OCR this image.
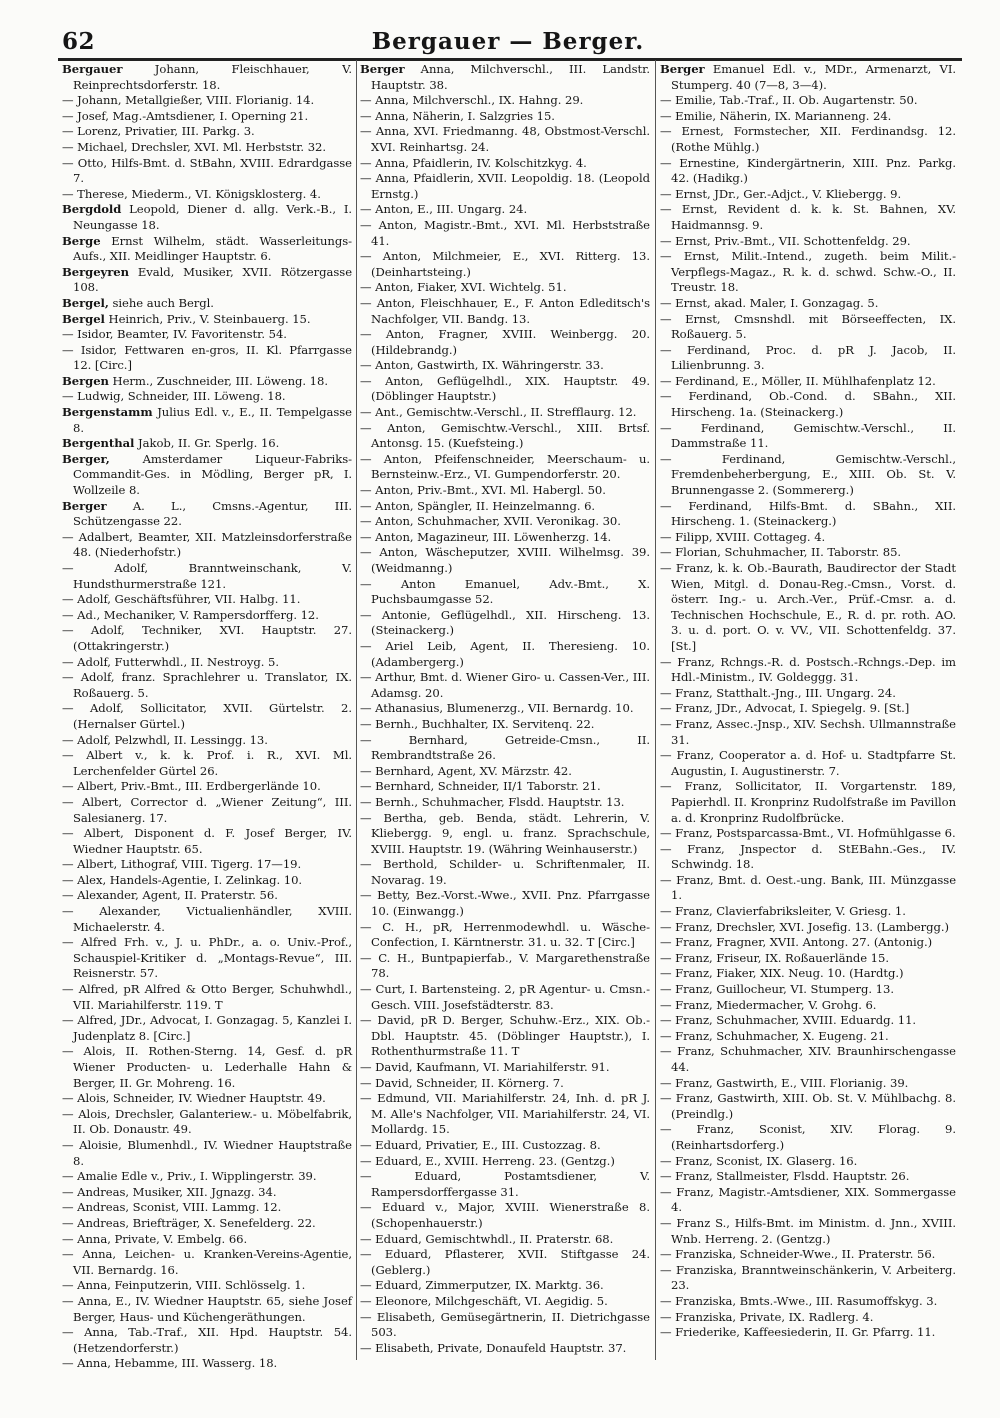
62	Bergauer — Berger.
Bergauer Johann, Fleischhauer, V. Reinprechtsdorferstr. 18.
— Johann, Metallgießer, VIII. Florianig. 14.
— Josef, Mag.-Amtsdiener, I. Operning 21.
— Lorenz, Privatier, III. Parkg. 3.
— Michael, Drechsler, XVI. Ml. Herbststr. 32.
— Otto, Hilfs-Bmt. d. StBahn, XVIII. Edrardgasse 7.
— Therese, Miederm., VI. Königsklosterg. 4.
Bergdold Leopold, Diener d. allg. Verk.-B., I. Neungasse 18.
Berge Ernst Wilhelm, städt. Wasserleitungs-Aufs., XII. Meidlinger Hauptstr. 6.
Bergeyren Evald, Musiker, XVII. Rötzergasse 108.
Bergel, siehe auch Bergl.
Bergel Heinrich, Priv., V. Steinbauerg. 15.
— Isidor, Beamter, IV. Favoritenstr. 54.
— Isidor, Fettwaren en-gros, II. Kl. Pfarrgasse 12. [Circ.]
Bergen Herm., Zuschneider, III. Löweng. 18.
— Ludwig, Schneider, III. Löweng. 18.
Bergenstamm Julius Edl. v., E., II. Tempelgasse 8.
Bergenthal Jakob, II. Gr. Sperlg. 16.
Berger, Amsterdamer Liqueur-Fabriks-Commandit-Ges. in Mödling, Berger pR, I. Wollzeile 8.
Berger A. L., Cmsns.-Agentur, III. Schützengasse 22.
— Adalbert, Beamter, XII. Matzleinsdorferstraße 48. (Niederhofstr.)
— Adolf, Branntweinschank, V. Hundsthurmerstraße 121.
— Adolf, Geschäftsführer, VII. Halbg. 11.
— Ad., Mechaniker, V. Rampersdorfferg. 12.
— Adolf, Techniker, XVI. Hauptstr. 27. (Ottakringerstr.)
— Adolf, Futterwhdl., II. Nestroyg. 5.
— Adolf, franz. Sprachlehrer u. Translator, IX. Roßauerg. 5.
— Adolf, Sollicitator, XVII. Gürtelstr. 2. (Hernalser Gürtel.)
— Adolf, Pelzwhdl, II. Lessingg. 13.
— Albert v., k. k. Prof. i. R., XVI. Ml. Lerchenfelder Gürtel 26.
— Albert, Priv.-Bmt., III. Erdbergerlände 10.
— Albert, Corrector d. „Wiener Zeitung“, III. Salesianerg. 17.
— Albert, Disponent d. F. Josef Berger, IV. Wiedner Hauptstr. 65.
— Albert, Lithograf, VIII. Tigerg. 17—19.
— Alex, Handels-Agentie, I. Zelinkag. 10.
— Alexander, Agent, II. Praterstr. 56.
— Alexander, Victualienhändler, XVIII. Michaelerstr. 4.
— Alfred Frh. v., J. u. PhDr., a. o. Univ.-Prof., Schauspiel-Kritiker d. „Montags-Revue“, III. Reisnerstr. 57.
— Alfred, pR Alfred & Otto Berger, Schuhwhdl., VII. Mariahilferstr. 119. T
— Alfred, JDr., Advocat, I. Gonzagag. 5, Kanzlei I. Judenplatz 8. [Circ.]
— Alois, II. Rothen-Sterng. 14, Gesf. d. pR Wiener Producten- u. Lederhalle Hahn & Berger, II. Gr. Mohreng. 16.
— Alois, Schneider, IV. Wiedner Hauptstr. 49.
— Alois, Drechsler, Galanteriew.- u. Möbelfabrik, II. Ob. Donaustr. 49.
— Aloisie, Blumenhdl., IV. Wiedner Hauptstraße 8.
— Amalie Edle v., Priv., I. Wipplingerstr. 39.
— Andreas, Musiker, XII. Jgnazg. 34.
— Andreas, Sconist, VIII. Lammg. 12.
— Andreas, Briefträger, X. Senefelderg. 22.
— Anna, Private, V. Embelg. 66.
— Anna, Leichen- u. Kranken-Vereins-Agentie, VII. Bernardg. 16.
— Anna, Feinputzerin, VIII. Schlösselg. 1.
— Anna, E., IV. Wiedner Hauptstr. 65, siehe Josef Berger, Haus- und Küchengeräthungen.
— Anna, Tab.-Traf., XII. Hpd. Hauptstr. 54. (Hetzendorferstr.)
— Anna, Hebamme, III. Wasserg. 18.
Berger Anna, Milchverschl., III. Landstr. Hauptstr. 38.
— Anna, Milchverschl., IX. Hahng. 29.
— Anna, Näherin, I. Salzgries 15.
— Anna, XVI. Friedmanng. 48, Obstmost-Verschl. XVI. Reinhartsg. 24.
— Anna, Pfaidlerin, IV. Kolschitzkyg. 4.
— Anna, Pfaidlerin, XVII. Leopoldig. 18. (Leopold Ernstg.)
— Anton, E., III. Ungarg. 24.
— Anton, Magistr.-Bmt., XVI. Ml. Herbststraße 41.
— Anton, Milchmeier, E., XVI. Ritterg. 13. (Deinhartsteing.)
— Anton, Fiaker, XVI. Wichtelg. 51.
— Anton, Fleischhauer, E., F. Anton Edleditsch's Nachfolger, VII. Bandg. 13.
— Anton, Fragner, XVIII. Weinbergg. 20. (Hildebrandg.)
— Anton, Gastwirth, IX. Währingerstr. 33.
— Anton, Geflügelhdl., XIX. Hauptstr. 49. (Döblinger Hauptstr.)
— Ant., Gemischtw.-Verschl., II. Strefflaurg. 12.
— Anton, Gemischtw.-Verschl., XIII. Brtsf. Antonsg. 15. (Kuefsteing.)
— Anton, Pfeifenschneider, Meerschaum- u. Bernsteinw.-Erz., VI. Gumpendorferstr. 20.
— Anton, Priv.-Bmt., XVI. Ml. Habergl. 50.
— Anton, Spängler, II. Heinzelmanng. 6.
— Anton, Schuhmacher, XVII. Veronikag. 30.
— Anton, Magazineur, III. Löwenherzg. 14.
— Anton, Wäscheputzer, XVIII. Wilhelmsg. 39. (Weidmanng.)
— Anton Emanuel, Adv.-Bmt., X. Puchsbaumgasse 52.
— Antonie, Geflügelhdl., XII. Hirscheng. 13. (Steinackerg.)
— Ariel Leib, Agent, II. Theresieng. 10. (Adambergerg.)
— Arthur, Bmt. d. Wiener Giro- u. Cassen-Ver., III. Adamsg. 20.
— Athanasius, Blumenerzg., VII. Bernardg. 10.
— Bernh., Buchhalter, IX. Servitenq. 22.
— Bernhard, Getreide-Cmsn., II. Rembrandtstraße 26.
— Bernhard, Agent, XV. Märzstr. 42.
— Bernhard, Schneider, II/1 Taborstr. 21.
— Bernh., Schuhmacher, Flsdd. Hauptstr. 13.
— Bertha, geb. Benda, städt. Lehrerin, V. Kliebergg. 9, engl. u. franz. Sprachschule, XVIII. Hauptstr. 19. (Währing Weinhauserstr.)
— Berthold, Schilder- u. Schriftenmaler, II. Novarag. 19.
— Betty, Bez.-Vorst.-Wwe., XVII. Pnz. Pfarrgasse 10. (Einwangg.)
— C. H., pR, Herrenmodewhdl. u. Wäsche-Confection, I. Kärntnerstr. 31. u. 32. T [Circ.]
— C. H., Buntpapierfab., V. Margarethenstraße 78.
— Curt, I. Bartensteing. 2, pR Agentur- u. Cmsn.-Gesch. VIII. Josefstädterstr. 83.
— David, pR D. Berger, Schuhw.-Erz., XIX. Ob.-Dbl. Hauptstr. 45. (Döblinger Hauptstr.), I. Rothenthurmstraße 11. T
— David, Kaufmann, VI. Mariahilferstr. 91.
— David, Schneider, II. Körnerg. 7.
— Edmund, VII. Mariahilferstr. 24, Inh. d. pR J. M. Alle's Nachfolger, VII. Mariahilferstr. 24, VI. Mollardg. 15.
— Eduard, Privatier, E., III. Custozzag. 8.
— Eduard, E., XVIII. Herreng. 23. (Gentzg.)
— Eduard, Postamtsdiener, V. Rampersdorffergasse 31.
— Eduard v., Major, XVIII. Wienerstraße 8. (Schopenhauerstr.)
— Eduard, Gemischtwhdl., II. Praterstr. 68.
— Eduard, Pflasterer, XVII. Stiftgasse 24. (Geblerg.)
— Eduard, Zimmerputzer, IX. Marktg. 36.
— Eleonore, Milchgeschäft, VI. Aegidig. 5.
— Elisabeth, Gemüsegärtnerin, II. Dietrichgasse 503.
— Elisabeth, Private, Donaufeld Hauptstr. 37.
Berger Emanuel Edl. v., MDr., Armenarzt, VI. Stumperg. 40 (7—8, 3—4).
— Emilie, Tab.-Traf., II. Ob. Augartenstr. 50.
— Emilie, Näherin, IX. Marianneng. 24.
— Ernest, Formstecher, XII. Ferdinandsg. 12. (Rothe Mühlg.)
— Ernestine, Kindergärtnerin, XIII. Pnz. Parkg. 42. (Hadikg.)
— Ernst, JDr., Ger.-Adjct., V. Kliebergg. 9.
— Ernst, Revident d. k. k. St. Bahnen, XV. Haidmannsg. 9.
— Ernst, Priv.-Bmt., VII. Schottenfeldg. 29.
— Ernst, Milit.-Intend., zugeth. beim Milit.-Verpflegs-Magaz., R. k. d. schwd. Schw.-O., II. Treustr. 18.
— Ernst, akad. Maler, I. Gonzagag. 5.
— Ernst, Cmsnshdl. mit Börseeffecten, IX. Roßauerg. 5.
— Ferdinand, Proc. d. pR J. Jacob, II. Lilienbrunng. 3.
— Ferdinand, E., Möller, II. Mühlhafenplatz 12.
— Ferdinand, Ob.-Cond. d. SBahn., XII. Hirscheng. 1a. (Steinackerg.)
— Ferdinand, Gemischtw.-Verschl., II. Dammstraße 11.
— Ferdinand, Gemischtw.-Verschl., Fremdenbeherbergung, E., XIII. Ob. St. V. Brunnengasse 2. (Sommererg.)
— Ferdinand, Hilfs-Bmt. d. SBahn., XII. Hirscheng. 1. (Steinackerg.)
— Filipp, XVIII. Cottageg. 4.
— Florian, Schuhmacher, II. Taborstr. 85.
— Franz, k. k. Ob.-Baurath, Baudirector der Stadt Wien, Mitgl. d. Donau-Reg.-Cmsn., Vorst. d. österr. Ing.- u. Arch.-Ver., Prüf.-Cmsr. a. d. Technischen Hochschule, E., R. d. pr. roth. AO. 3. u. d. port. O. v. VV., VII. Schottenfeldg. 37. [St.]
— Franz, Rchngs.-R. d. Postsch.-Rchngs.-Dep. im Hdl.-Ministm., IV. Goldeggg. 31.
— Franz, Statthalt.-Jng., III. Ungarg. 24.
— Franz, JDr., Advocat, I. Spiegelg. 9. [St.]
— Franz, Assec.-Jnsp., XIV. Sechsh. Ullmannstraße 31.
— Franz, Cooperator a. d. Hof- u. Stadtpfarre St. Augustin, I. Augustinerstr. 7.
— Franz, Sollicitator, II. Vorgartenstr. 189, Papierhdl. II. Kronprinz Rudolfstraße im Pavillon a. d. Kronprinz Rudolfbrücke.
— Franz, Postsparcassa-Bmt., VI. Hofmühlgasse 6.
— Franz, Jnspector d. StEBahn.-Ges., IV. Schwindg. 18.
— Franz, Bmt. d. Oest.-ung. Bank, III. Münzgasse 1.
— Franz, Clavierfabriksleiter, V. Griesg. 1.
— Franz, Drechsler, XVI. Josefig. 13. (Lambergg.)
— Franz, Fragner, XVII. Antong. 27. (Antonig.)
— Franz, Friseur, IX. Roßauerlände 15.
— Franz, Fiaker, XIX. Neug. 10. (Hardtg.)
— Franz, Guillocheur, VI. Stumperg. 13.
— Franz, Miedermacher, V. Grohg. 6.
— Franz, Schuhmacher, XVIII. Eduardg. 11.
— Franz, Schuhmacher, X. Eugeng. 21.
— Franz, Schuhmacher, XIV. Braunhirschengasse 44.
— Franz, Gastwirth, E., VIII. Florianig. 39.
— Franz, Gastwirth, XIII. Ob. St. V. Mühlbachg. 8. (Preindlg.)
— Franz, Sconist, XIV. Florag. 9. (Reinhartsdorferg.)
— Franz, Sconist, IX. Glaserg. 16.
— Franz, Stallmeister, Flsdd. Hauptstr. 26.
— Franz, Magistr.-Amtsdiener, XIX. Sommergasse 4.
— Franz S., Hilfs-Bmt. im Ministm. d. Jnn., XVIII. Wnb. Herreng. 2. (Gentzg.)
— Franziska, Schneider-Wwe., II. Praterstr. 56.
— Franziska, Branntweinschänkerin, V. Arbeiterg. 23.
— Franziska, Bmts.-Wwe., III. Rasumoffskyg. 3.
— Franziska, Private, IX. Radlerg. 4.
— Friederike, Kaffeesiederin, II. Gr. Pfarrg. 11.
